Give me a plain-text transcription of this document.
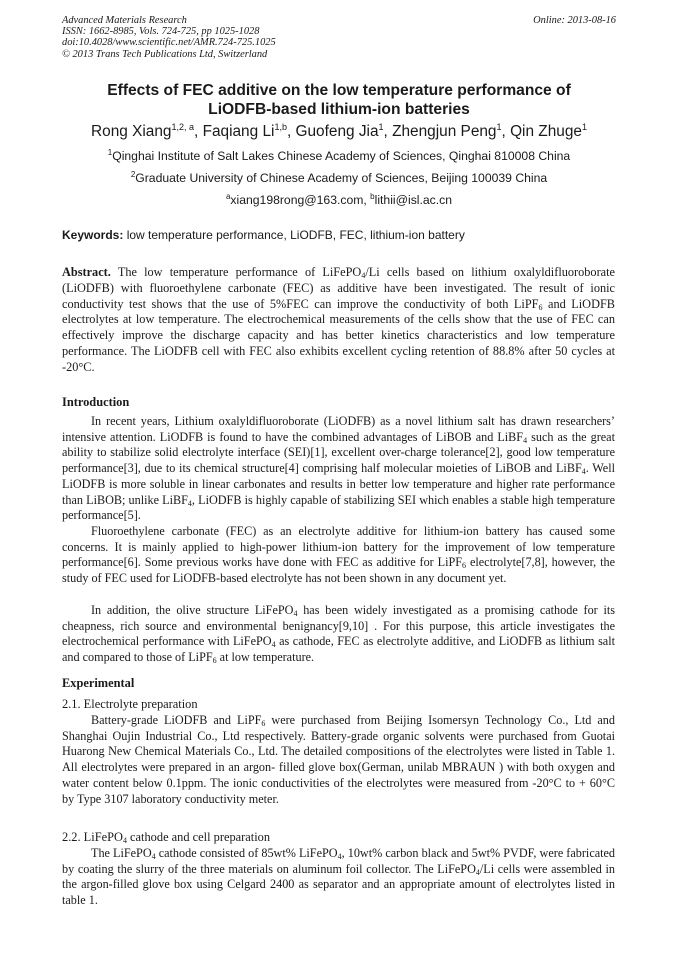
Advanced Materials Research
ISSN: 1662-8985, Vols. 724-725, pp 1025-1028
doi:10.4028/www.scientific.net/AMR.724-725.1025
© 2013 Trans Tech Publications Ltd, Switzerland
Online: 2013-08-16
Effects of FEC additive on the low temperature performance of
LiODFB-based lithium-ion batteries
Rong Xiang$^{1,2, a}$, Faqiang Li$^{1,b}$, Guofeng Jia$^1$, Zhengjun Peng$^1$, Qin Zhuge$^1$
$^1$Qinghai Institute of Salt Lakes Chinese Academy of Sciences, Qinghai 810008 China
$^2$Graduate University of Chinese Academy of Sciences, Beijing 100039 China
$^a$xiang198rong@163.com, $^b$lithii@isl.ac.cn
Keywords: low temperature performance, LiODFB, FEC, lithium-ion battery
Abstract. The low temperature performance of LiFePO$_4$/Li cells based on lithium oxalyldifluoroborate (LiODFB) with fluoroethylene carbonate (FEC) as additive have been investigated. The result of ionic conductivity test shows that the use of 5%FEC can improve the conductivity of both LiPF$_6$ and LiODFB electrolytes at low temperature. The electrochemical measurements of the cells show that the use of FEC can effectively improve the discharge capacity and has better kinetics characteristics and low temperature performance. The LiODFB cell with FEC also exhibits excellent cycling retention of 88.8% after 50 cycles at -20°C.
Introduction
In recent years, Lithium oxalyldifluoroborate (LiODFB) as a novel lithium salt has drawn researchers’ intensive attention. LiODFB is found to have the combined advantages of LiBOB and LiBF$_4$ such as the great ability to stabilize solid electrolyte interface (SEI)[1], excellent over-charge tolerance[2], good low temperature performance[3], due to its chemical structure[4] comprising half molecular moieties of LiBOB and LiBF$_4$. Well LiODFB is more soluble in linear carbonates and results in better low temperature and higher rate performance than LiBOB; unlike LiBF$_4$, LiODFB is highly capable of stabilizing SEI which enables a stable high temperature performance[5].
Fluoroethylene carbonate (FEC) as an electrolyte additive for lithium-ion battery has caused some concerns. It is mainly applied to high-power lithium-ion battery for the improvement of low temperature performance[6]. Some previous works have done with FEC as additive for LiPF$_6$ electrolyte[7,8], however, the study of FEC used for LiODFB-based electrolyte has not been shown in any document yet.
In addition, the olive structure LiFePO$_4$ has been widely investigated as a promising cathode for its cheapness, rich source and environmental benignancy[9,10] . For this purpose, this article investigates the electrochemical performance with LiFePO$_4$ as cathode, FEC as electrolyte additive, and LiODFB as lithium salt and compared to those of LiPF$_6$ at low temperature.
Experimental
2.1. Electrolyte preparation
Battery-grade LiODFB and LiPF$_6$ were purchased from Beijing Isomersyn Technology Co., Ltd and Shanghai Oujin Industrial Co., Ltd respectively. Battery-grade organic solvents were purchased from Guotai Huarong New Chemical Materials Co., Ltd. The detailed compositions of the electrolytes were listed in Table 1. All electrolytes were prepared in an argon- filled glove box(German, unilab MBRAUN ) with both oxygen and water content below 0.1ppm. The ionic conductivities of the electrolytes were measured from -20°C to + 60°C by Type 3107 laboratory conductivity meter.
2.2. LiFePO$_4$ cathode and cell preparation
The LiFePO$_4$ cathode consisted of 85wt% LiFePO$_4$, 10wt% carbon black and 5wt% PVDF, were fabricated by coating the slurry of the three materials on aluminum foil collector. The LiFePO$_4$/Li cells were assembled in the argon-filled glove box using Celgard 2400 as separator and an appropriate amount of electrolytes listed in table 1.
